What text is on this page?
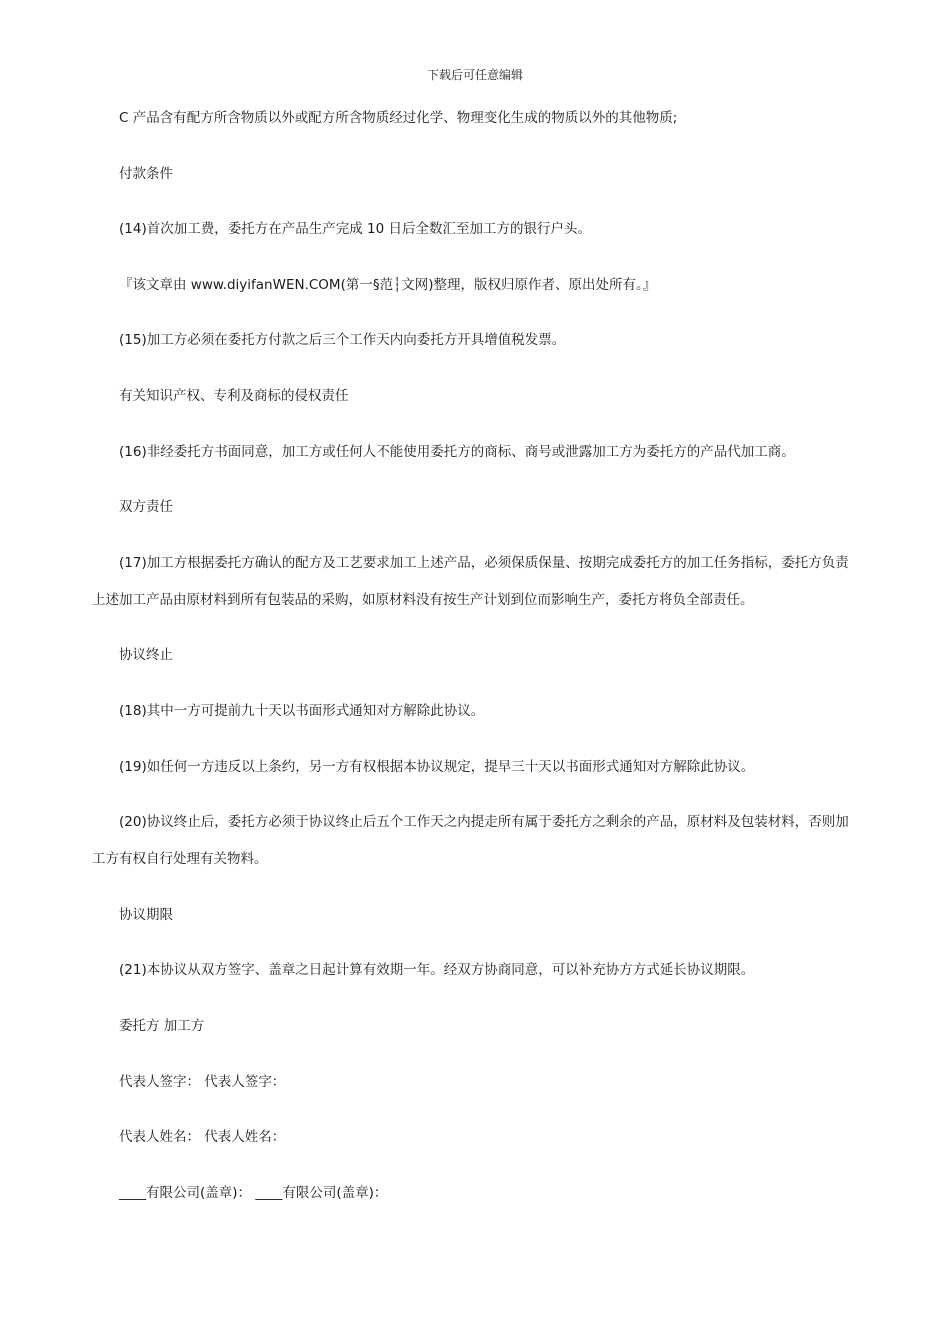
下载后可任意编辑

C 产品含有配方所含物质以外或配方所含物质经过化学、物理变化生成的物质以外的其他物质;

付款条件

(14)首次加工费，委托方在产品生产完成 10 日后全数汇至加工方的银行户头。

『该文章由 www.diyifanWEN.COM(第一§范┆文网)整理，版权归原作者、原出处所有。』

(15)加工方必须在委托方付款之后三个工作天内向委托方开具增值税发票。

有关知识产权、专利及商标的侵权责任

(16)非经委托方书面同意，加工方或任何人不能使用委托方的商标、商号或泄露加工方为委托方的产品代加工商。

双方责任

(17)加工方根据委托方确认的配方及工艺要求加工上述产品，必须保质保量、按期完成委托方的加工任务指标，委托方负责上述加工产品由原材料到所有包装品的采购，如原材料没有按生产计划到位而影响生产，委托方将负全部责任。

协议终止

(18)其中一方可提前九十天以书面形式通知对方解除此协议。

(19)如任何一方违反以上条约，另一方有权根据本协议规定，提早三十天以书面形式通知对方解除此协议。

(20)协议终止后，委托方必须于协议终止后五个工作天之内提走所有属于委托方之剩余的产品，原材料及包装材料，否则加工方有权自行处理有关物料。

协议期限

(21)本协议从双方签字、盖章之日起计算有效期一年。经双方协商同意，可以补充协方方式延长协议期限。

委托方 加工方

代表人签字： 代表人签字：

代表人姓名： 代表人姓名：

____有限公司(盖章)： ____有限公司(盖章)：
